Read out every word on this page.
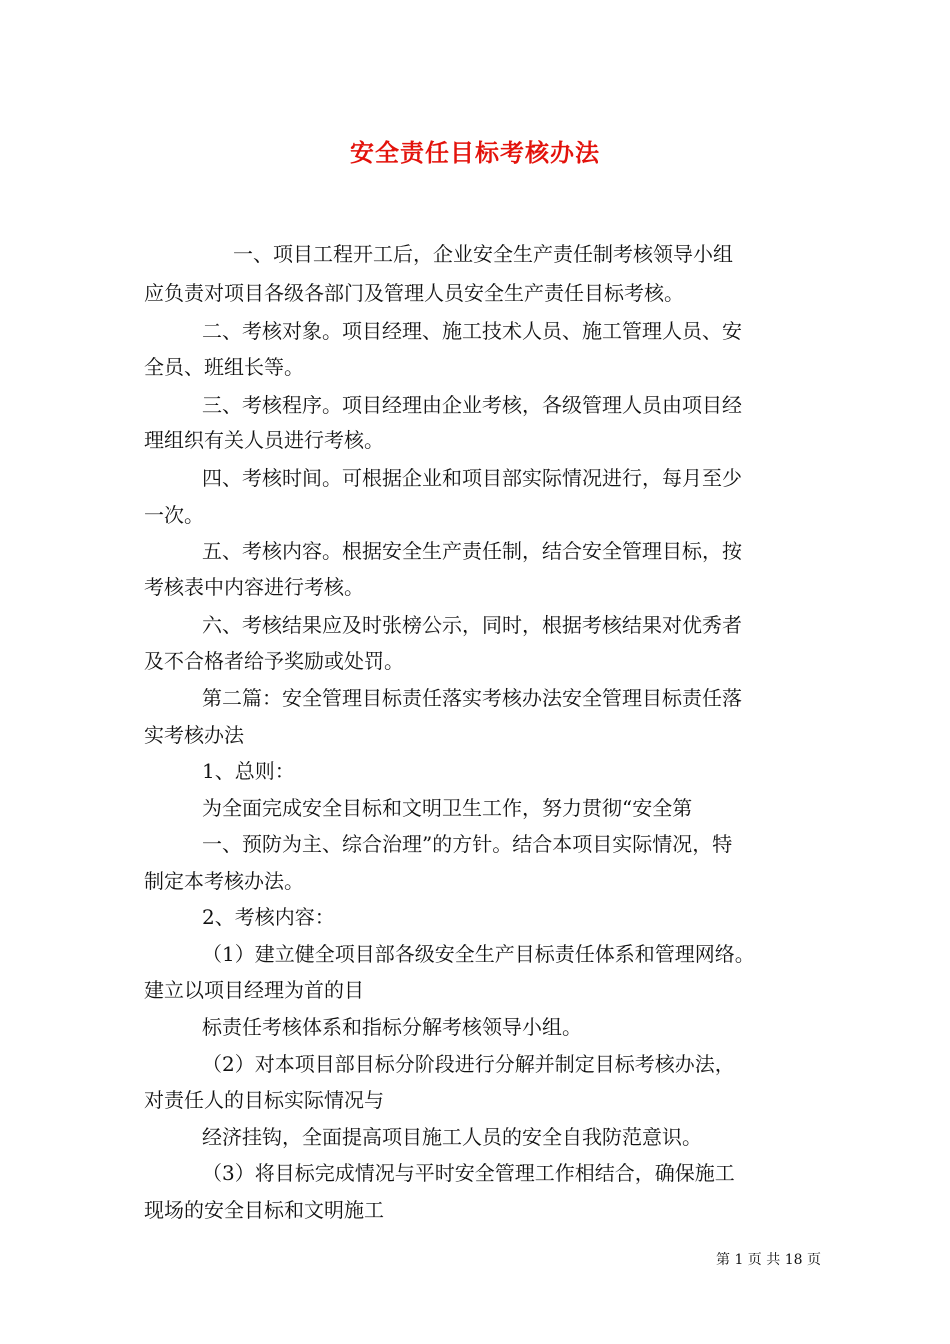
安全责任目标考核办法
一、项目工程开工后，企业安全生产责任制考核领导小组
应负责对项目各级各部门及管理人员安全生产责任目标考核。
二、考核对象。项目经理、施工技术人员、施工管理人员、安
全员、班组长等。
三、考核程序。项目经理由企业考核，各级管理人员由项目经
理组织有关人员进行考核。
四、考核时间。可根据企业和项目部实际情况进行，每月至少
一次。
五、考核内容。根据安全生产责任制，结合安全管理目标，按
考核表中内容进行考核。
六、考核结果应及时张榜公示，同时，根据考核结果对优秀者
及不合格者给予奖励或处罚。
第二篇：安全管理目标责任落实考核办法安全管理目标责任落
实考核办法
1、总则：
为全面完成安全目标和文明卫生工作，努力贯彻“安全第
一、预防为主、综合治理”的方针。结合本项目实际情况，特
制定本考核办法。
2、考核内容：
（1）建立健全项目部各级安全生产目标责任体系和管理网络。
建立以项目经理为首的目
标责任考核体系和指标分解考核领导小组。
（2）对本项目部目标分阶段进行分解并制定目标考核办法，
对责任人的目标实际情况与
经济挂钩，全面提高项目施工人员的安全自我防范意识。
（3）将目标完成情况与平时安全管理工作相结合，确保施工
现场的安全目标和文明施工
第 1 页 共 18 页
